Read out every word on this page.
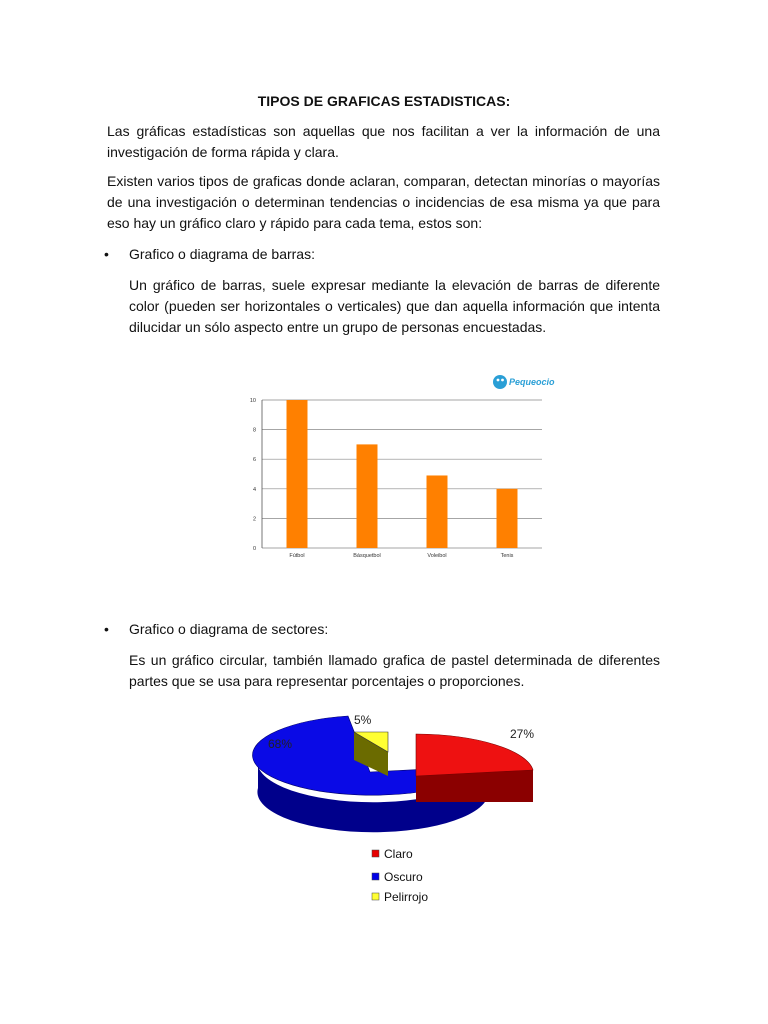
TIPOS DE GRAFICAS ESTADISTICAS:

Las gráficas estadísticas son aquellas que nos facilitan a ver la información de una investigación de forma rápida y clara.

Existen varios tipos de graficas donde aclaran, comparan, detectan minorías o mayorías de una investigación o determinan tendencias o incidencias de esa misma ya que para eso hay un gráfico claro y rápido para cada tema, estos son:

• Grafico o diagrama de barras:

Un gráfico de barras, suele expresar mediante la elevación de barras de diferente color (pueden ser horizontales o verticales) que dan aquella información que intenta dilucidar un sólo aspecto entre un grupo de personas encuestadas.

0
2
4
6
8
10
Fútbol	Básquetbol	Voleibol	Tenis
Pequeocio
• Grafico o diagrama de sectores:

Es un gráfico circular, también llamado grafica de pastel determinada de diferentes partes que se usa para representar porcentajes o proporciones.

68%
5%
27%
Claro
Oscuro
Pelirrojo
